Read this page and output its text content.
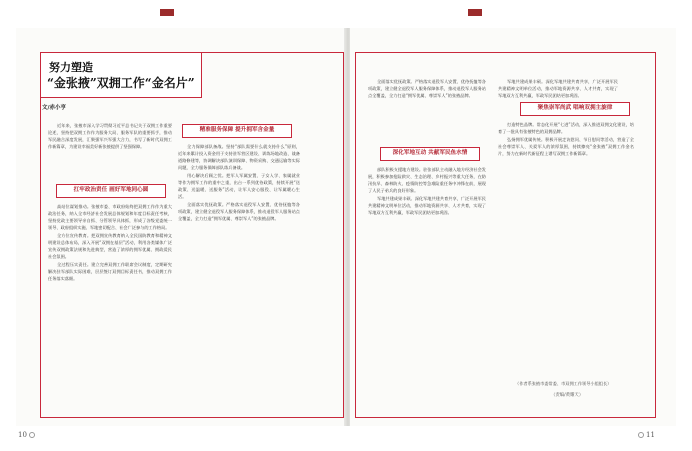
努力塑造
“金张掖”双拥工作“金名片”
文/赤小亨

近年来，张掖市深入学习贯彻习近平总书记关于双拥工作重要论述，坚持把双拥工作作为服务大局、服务军队的重要抓手，推动军民融合深度发展，汇聚强军兴军强大合力，书写了新时代双拥工作新篇章，为建设幸福美好新张掖提供了坚强保障。

扛牢政治责任 画好军地同心圆

高站位谋划推动。张掖市委、市政府始终把双拥工作作为重大政治任务，纳入全市经济社会发展总体规划和年度目标责任考核，坚持党政主要领导亲自抓、分管领导具体抓，形成了各级党委统一领导、政府组织实施、军地密切配合、社会广泛参与的工作格局。

全方位宣传教育。把双拥宣传教育纳入全民国防教育和精神文明建设总体布局，深入开展“双拥在基层”活动，利用各类媒体广泛宣传双拥政策法规和先进典型，营造了浓厚的拥军优属、拥政爱民社会氛围。

全过程压实责任。建立完善双拥工作联席会议制度，定期研究解决驻军部队实际困难，层层签订双拥目标责任书，推动双拥工作任务落实落细。

精准服务保障 提升拥军含金量

全力保障部队备战。坚持“部队需要什么就支持什么”原则，近年来累计投入资金用于支持驻军营区建设、训练场地改造、战备道路修建等，协调解决部队演训保障、物资采购、交通运输等实际问题，全力服务保障部队练兵备战。

用心解决后顾之忧。把军人军属安置、子女入学、家属就业等作为拥军工作的重中之重，出台一系列优待政策，持续开展“送政策、送温暖、送服务”活动，让军人安心服役、让军属暖心生活。

全面落实优抚政策。严格落实退役军人安置、优待抚恤等各项政策，建立健全退役军人服务保障体系，推动退役军人服务站点全覆盖，全力打造“拥军优属、尊崇军人”的张掖品牌。

全面落实优抚政策。严格落实退役军人安置、优待抚恤等各项政策，建立健全退役军人服务保障体系，推动退役军人服务站点全覆盖，全力打造“拥军优属、尊崇军人”的张掖品牌。

深化军地互动 共献军民鱼水情

部队积极支援地方建设。驻张部队主动融入地方经济社会发展，积极参加抢险救灾、生态治理、乡村振兴等重大任务，在防汛抗旱、森林防火、疫情防控等急难险重任务中冲锋在前，展现了人民子弟兵的良好形象。

军地共建成果丰硕。深化军地共建共育共享，广泛开展军民共建精神文明单位活动，推动军地资源共享、人才共育，实现了军地双方互利共赢，军政军民团结更加巩固。

军地共建成果丰硕。深化军地共建共育共享，广泛开展军民共建精神文明单位活动，推动军地资源共享、人才共育，实现了军地双方互利共赢，军政军民团结更加巩固。

聚焦崇军尚武 唱响双拥主旋律

打造特色品牌。常态化开展“七进”活动，深入推进双拥文化建设，培育了一批具有张掖特色的双拥品牌。

弘扬拥军优属传统。积极开展走访慰问、节日慰问等活动，营造了全社会尊崇军人、关爱军人的浓厚氛围，持续擦亮“金张掖”双拥工作金名片，努力在新时代新征程上谱写双拥工作新篇章。

（作者系张掖市委常委、市双拥工作领导小组组长）
（责编/黄耀天）
10	11
